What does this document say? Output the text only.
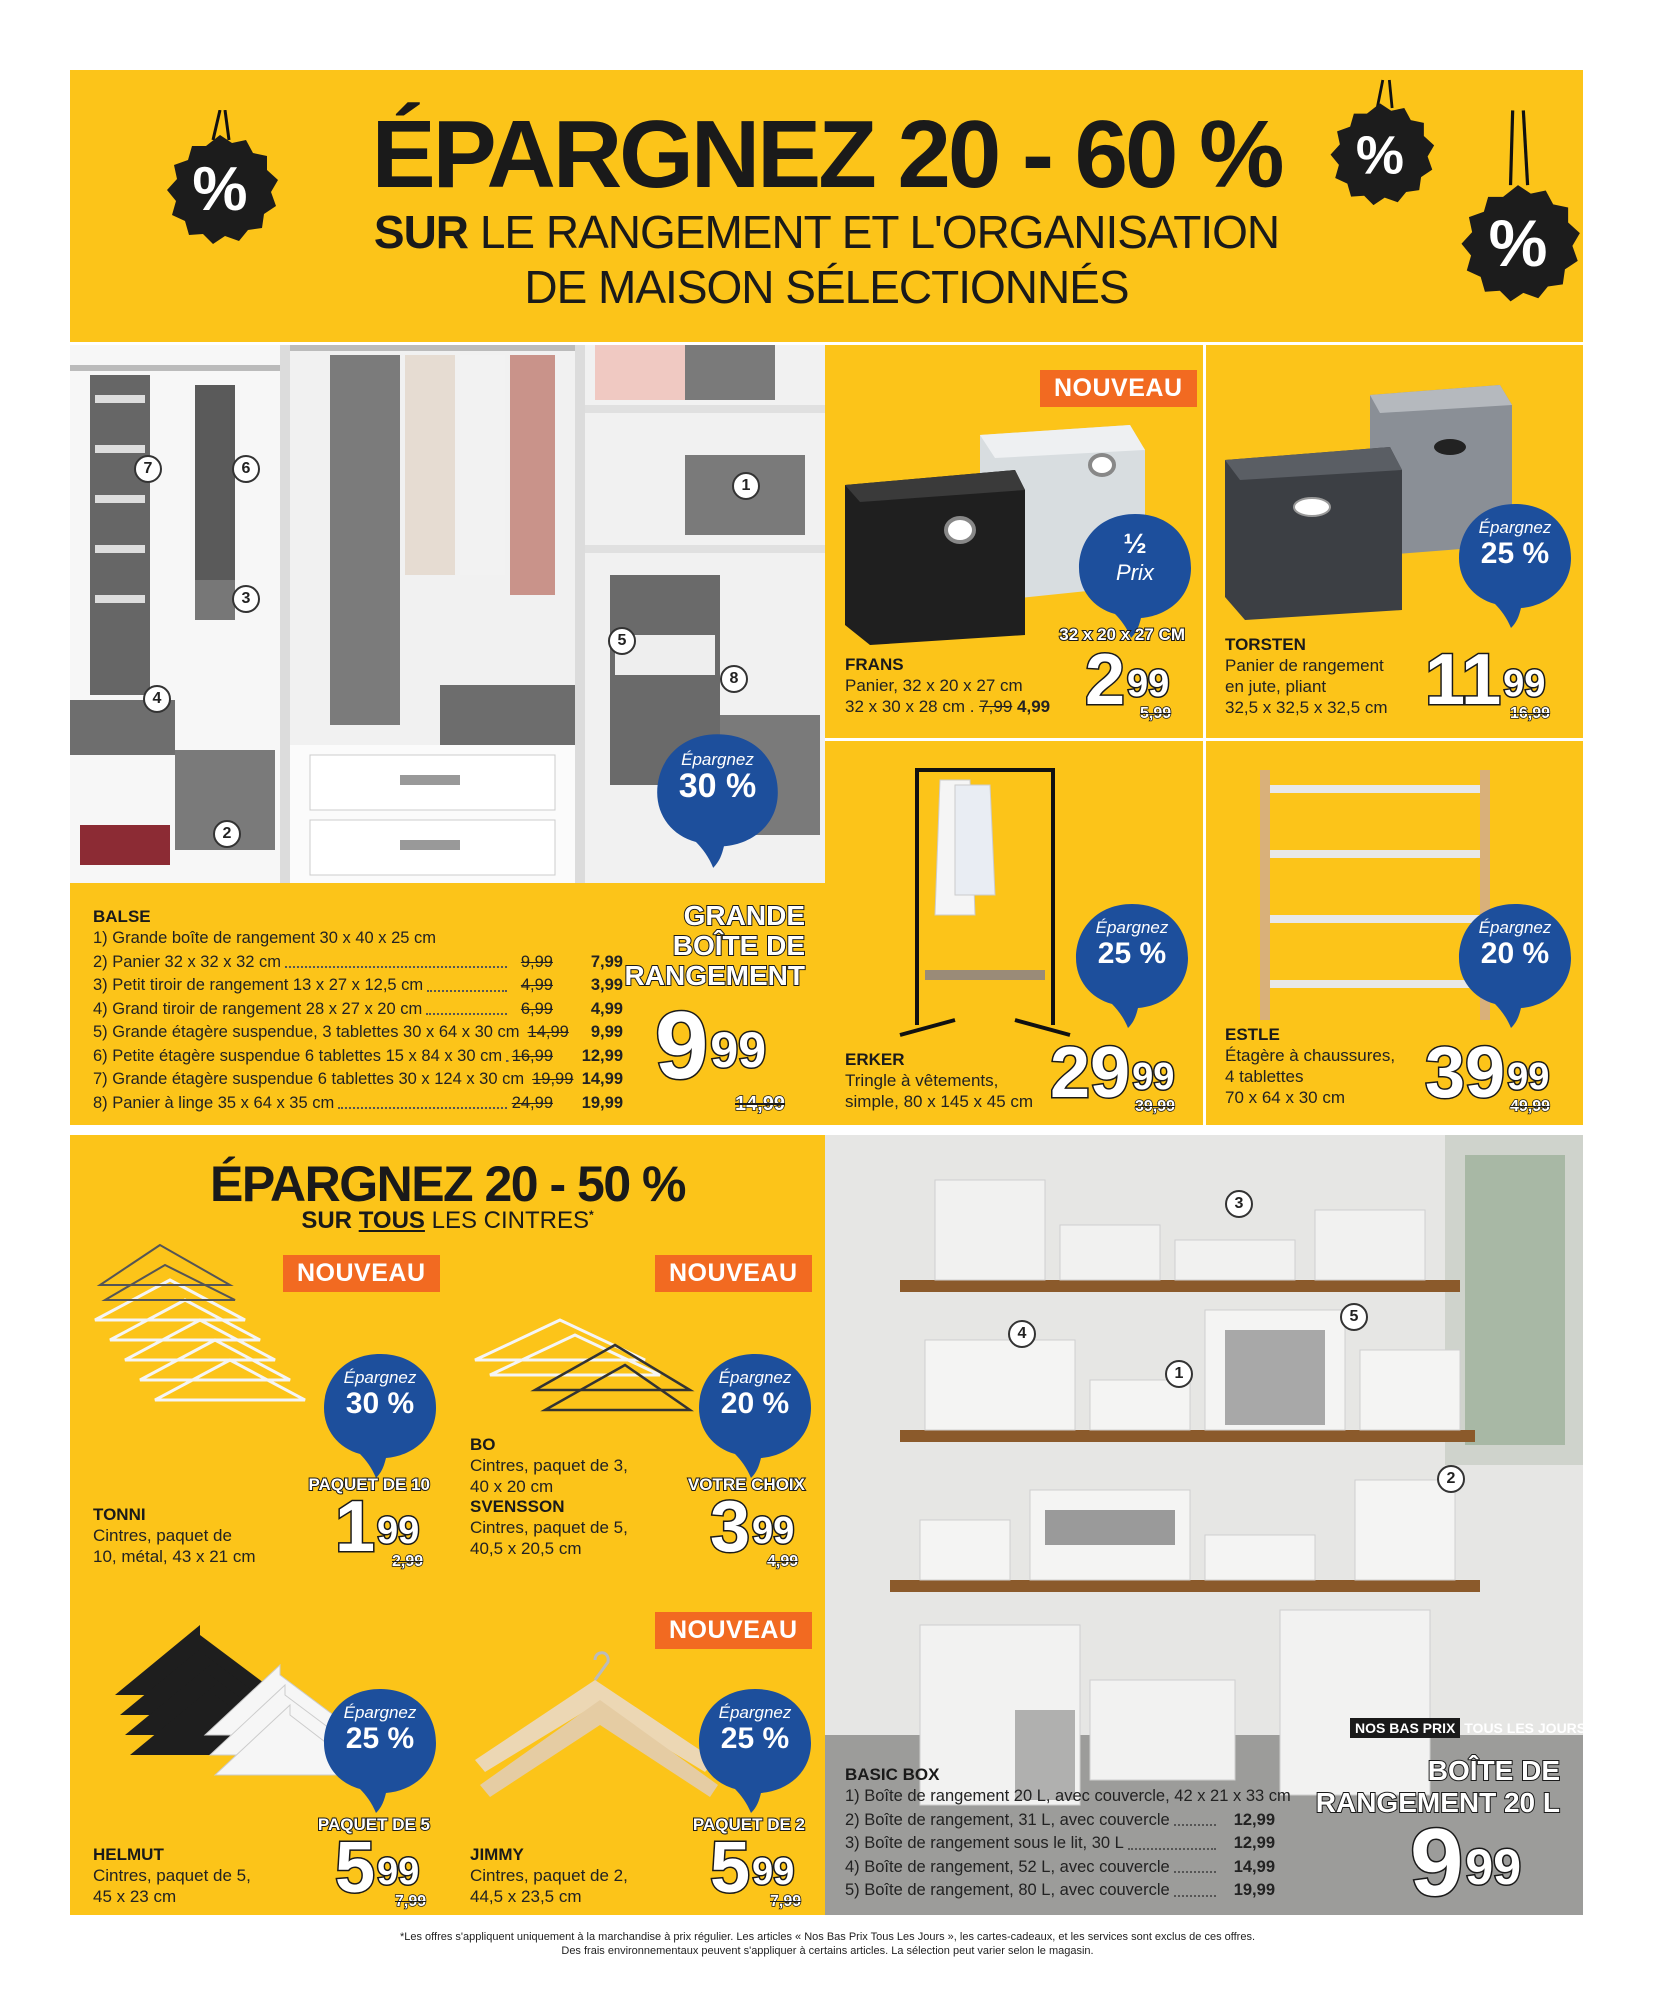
ÉPARGNEZ 20 - 60 %
SUR LE RANGEMENT ET L'ORGANISATION
DE MAISON SÉLECTIONNÉS
%	%
%
1
2
3
4
5
6
7
8
Épargnez
30 %
BALSE
1) Grande boîte de rangement 30 x 40 x 25 cm
2) Panier 32 x 32 x 32 cm	9,99	7,99
3) Petit tiroir de rangement 13 x 27 x 12,5 cm	4,99	3,99
4) Grand tiroir de rangement 28 x 27 x 20 cm	6,99	4,99
5) Grande étagère suspendue, 3 tablettes 30 x 64 x 30 cm 14,99	9,99
6) Petite étagère suspendue 6 tablettes 15 x 84 x 30 cm 16,99	12,99
7) Grande étagère suspendue 6 tablettes 30 x 124 x 30 cm 19,99 14,99
8) Panier à linge 35 x 64 x 35 cm	24,99	19,99
GRANDE
BOÎTE DE
RANGEMENT
$9^{99}$
14,99
NOUVEAU
½
Prix
32 x 20 x 27 CM
FRANS
Panier, 32 x 20 x 27 cm
32 x 30 x 28 cm . 7,99 4,99 $2^{99}$
5,99
Épargnez
25 %
TORSTEN
Panier de rangement
en jute, pliant
32,5 x 32,5 x 32,5 cm $11^{99}$
16,99
Épargnez
25 %
ERKER
Tringle à vêtements,
simple, 80 x 145 x 45 cm $29^{99}$
39,99
Épargnez
20 %
ESTLE
Étagère à chaussures,
4 tablettes
70 x 64 x 30 cm	$39^{99}$
49,99
ÉPARGNEZ 20 - 50 %
SUR TOUS LES CINTRES*
NOUVEAU
Épargnez
30 %
PAQUET DE 10
TONNI
Cintres, paquet de
10, métal, 43 x 21 cm	$1^{99}$
2,99
NOUVEAU
Épargnez
20 %
VOTRE CHOIX
BO
Cintres, paquet de 3,
40 x 20 cm
SVENSSON
Cintres, paquet de 5,
40,5 x 20,5 cm	$3^{99}$
4,99
Épargnez
25 %
PAQUET DE 5
HELMUT
Cintres, paquet de 5,
45 x 23 cm	$5^{99}$
7,99
NOUVEAU
Épargnez
25 %
PAQUET DE 2
JIMMY
Cintres, paquet de 2,
44,5 x 23,5 cm	$5^{99}$
7,99
1
2
3
4
5
NOS BAS PRIX TOUS LES JOURS
BOÎTE DE
RANGEMENT 20 L
$9^{99}$
BASIC BOX
1) Boîte de rangement 20 L, avec couvercle, 42 x 21 x 33 cm
2) Boîte de rangement, 31 L, avec couvercle	12,99
3) Boîte de rangement sous le lit, 30 L	12,99
4) Boîte de rangement, 52 L, avec couvercle	14,99
5) Boîte de rangement, 80 L, avec couvercle	19,99
*Les offres s'appliquent uniquement à la marchandise à prix régulier. Les articles « Nos Bas Prix Tous Les Jours », les cartes-cadeaux, et les services sont exclus de ces offres.
Des frais environnementaux peuvent s'appliquer à certains articles. La sélection peut varier selon le magasin.
